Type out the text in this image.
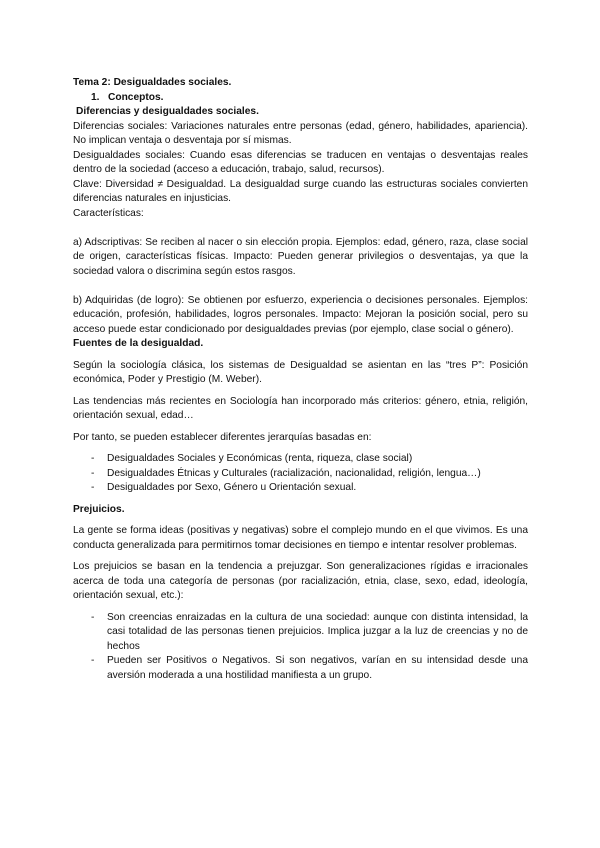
Tema 2: Desigualdades sociales.
1. Conceptos.
Diferencias y desigualdades sociales.
Diferencias sociales: Variaciones naturales entre personas (edad, género, habilidades, apariencia). No implican ventaja o desventaja por sí mismas.
Desigualdades sociales: Cuando esas diferencias se traducen en ventajas o desventajas reales dentro de la sociedad (acceso a educación, trabajo, salud, recursos).
Clave: Diversidad ≠ Desigualdad. La desigualdad surge cuando las estructuras sociales convierten diferencias naturales en injusticias.
Características:
a) Adscriptivas: Se reciben al nacer o sin elección propia. Ejemplos: edad, género, raza, clase social de origen, características físicas. Impacto: Pueden generar privilegios o desventajas, ya que la sociedad valora o discrimina según estos rasgos.
b) Adquiridas (de logro): Se obtienen por esfuerzo, experiencia o decisiones personales. Ejemplos: educación, profesión, habilidades, logros personales. Impacto: Mejoran la posición social, pero su acceso puede estar condicionado por desigualdades previas (por ejemplo, clase social o género).
Fuentes de la desigualdad.
Según la sociología clásica, los sistemas de Desigualdad se asientan en las “tres P”: Posición económica, Poder y Prestigio (M. Weber).
Las tendencias más recientes en Sociología han incorporado más criterios: género, etnia, religión, orientación sexual, edad…
Por tanto, se pueden establecer diferentes jerarquías basadas en:
- Desigualdades Sociales y Económicas (renta, riqueza, clase social)
- Desigualdades Étnicas y Culturales (racialización, nacionalidad, religión, lengua…)
- Desigualdades por Sexo, Género u Orientación sexual.
Prejuicios.
La gente se forma ideas (positivas y negativas) sobre el complejo mundo en el que vivimos. Es una conducta generalizada para permitirnos tomar decisiones en tiempo e intentar resolver problemas.
Los prejuicios se basan en la tendencia a prejuzgar. Son generalizaciones rígidas e irracionales acerca de toda una categoría de personas (por racialización, etnia, clase, sexo, edad, ideología, orientación sexual, etc.):
- Son creencias enraizadas en la cultura de una sociedad: aunque con distinta intensidad, la casi totalidad de las personas tienen prejuicios. Implica juzgar a la luz de creencias y no de hechos
- Pueden ser Positivos o Negativos. Si son negativos, varían en su intensidad desde una aversión moderada a una hostilidad manifiesta a un grupo.
